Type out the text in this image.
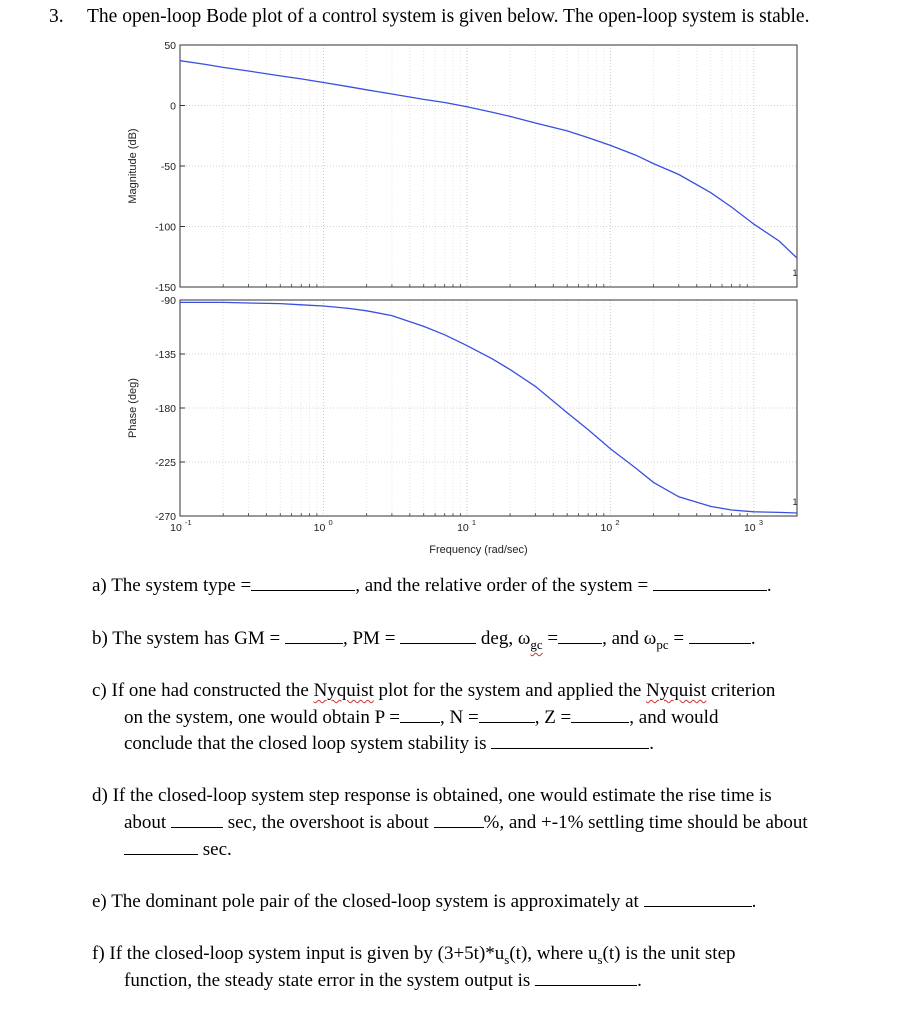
3. The open-loop Bode plot of a control system is given below. The open-loop system is stable.
50
0
-50
-100
-150
1
Magnitude (dB)
-90
-135
-180
-225
-270
1
Phase (deg)
10 -1	10 0	10 1	10 2	10 3
Frequency (rad/sec)
a) The system type =	, and the relative order of the system =	.
b) The system has GM =	, PM =	deg, $\omega_{gc}$ = , and $\omega_{pc}$ =	.
c) If one had constructed the Nyquist plot for the system and applied the Nyquist criterion
on the system, one would obtain P = , N =	, Z =	, and would
conclude that the closed loop system stability is	.
d) If the closed-loop system step response is obtained, one would estimate the rise time is
about	sec, the overshoot is about	%, and +-1% settling time should be about
sec.
e) The dominant pole pair of the closed-loop system is approximately at	.
f) If the closed-loop system input is given by $(3+5t)*u_s(t)$, where $u_s(t)$ is the unit step
function, the steady state error in the system output is	.
